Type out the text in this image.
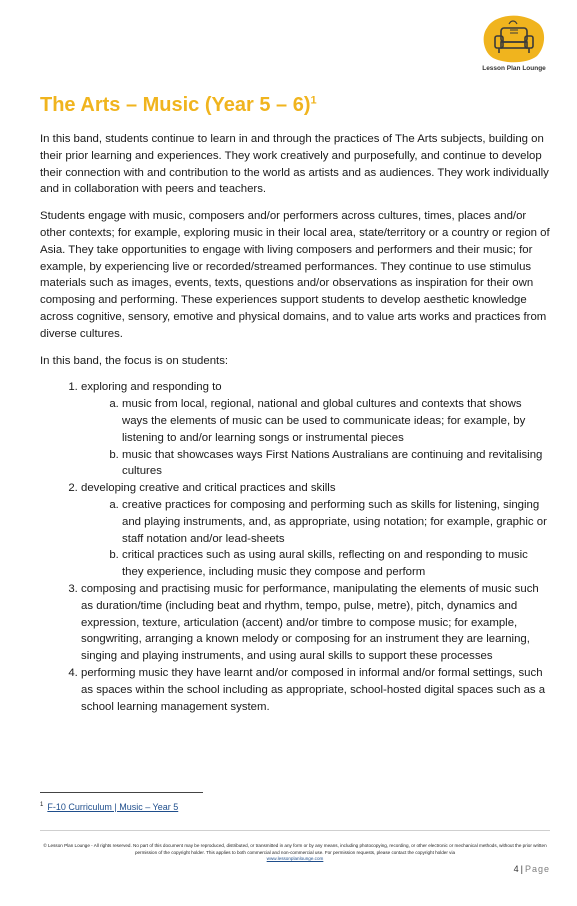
Lesson Plan Lounge
The Arts – Music (Year 5 – 6)$^1$

In this band, students continue to learn in and through the practices of The Arts subjects, building on their prior learning and experiences. They work creatively and purposefully, and continue to develop their connection with and contribution to the world as artists and as audiences. They work individually and in collaboration with peers and teachers.

Students engage with music, composers and/or performers across cultures, times, places and/or other contexts; for example, exploring music in their local area, state/territory or a country or region of Asia. They take opportunities to engage with living composers and performers and their music; for example, by experiencing live or recorded/streamed performances. They continue to use stimulus materials such as images, events, texts, questions and/or observations as inspiration for their own composing and performing. These experiences support students to develop aesthetic knowledge across cognitive, sensory, emotive and physical domains, and to value arts works and practices from diverse cultures.

In this band, the focus is on students:

1. exploring and responding to
a. music from local, regional, national and global cultures and contexts that shows ways the elements of music can be used to communicate ideas; for example, by listening to and/or learning songs or instrumental pieces
b. music that showcases ways First Nations Australians are continuing and revitalising cultures
2. developing creative and critical practices and skills
a. creative practices for composing and performing such as skills for listening, singing and playing instruments, and, as appropriate, using notation; for example, graphic or staff notation and/or lead-sheets
b. critical practices such as using aural skills, reflecting on and responding to music they experience, including music they compose and perform
3. composing and practising music for performance, manipulating the elements of music such as duration/time (including beat and rhythm, tempo, pulse, metre), pitch, dynamics and expression, texture, articulation (accent) and/or timbre to compose music; for example, songwriting, arranging a known melody or composing for an instrument they are learning, singing and playing instruments, and using aural skills to support these processes
4. performing music they have learnt and/or composed in informal and/or formal settings, such as spaces within the school including as appropriate, school-hosted digital spaces such as a school learning management system.
$^1$ F-10 Curriculum | Music – Year 5
© Lesson Plan Lounge - All rights reserved. No part of this document may be reproduced, distributed, or transmitted in any form or by any means, including photocopying, recording, or other electronic or mechanical methods, without the prior written permission of the copyright holder. This applies to both commercial and non-commercial use. For permission requests, please contact the copyright holder via
www.lessonplanlounge.com
4 | Page
